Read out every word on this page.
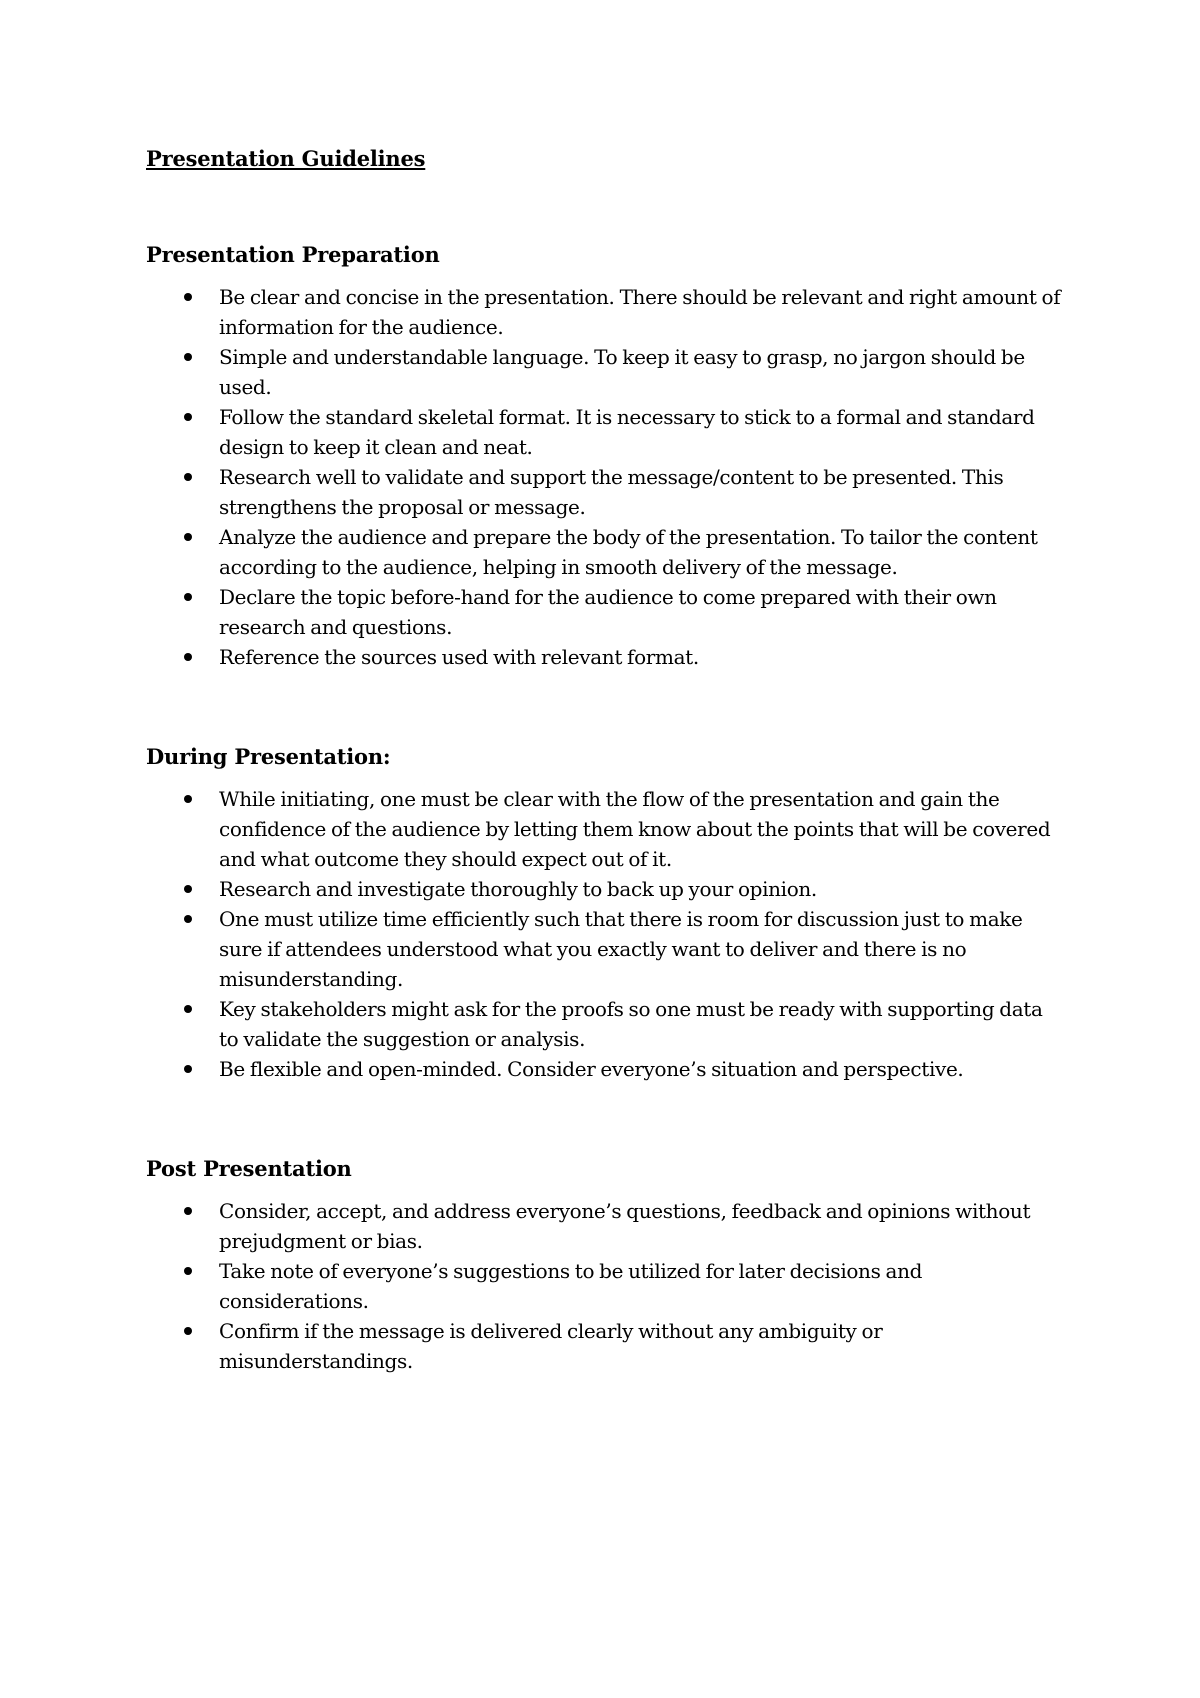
Presentation Guidelines
Presentation Preparation
Be clear and concise in the presentation. There should be relevant and right amount of information for the audience.
Simple and understandable language. To keep it easy to grasp, no jargon should be used.
Follow the standard skeletal format. It is necessary to stick to a formal and standard design to keep it clean and neat.
Research well to validate and support the message/content to be presented. This strengthens the proposal or message.
Analyze the audience and prepare the body of the presentation. To tailor the content according to the audience, helping in smooth delivery of the message.
Declare the topic before-hand for the audience to come prepared with their own research and questions.
Reference the sources used with relevant format.
During Presentation:
While initiating, one must be clear with the flow of the presentation and gain the confidence of the audience by letting them know about the points that will be covered and what outcome they should expect out of it.
Research and investigate thoroughly to back up your opinion.
One must utilize time efficiently such that there is room for discussion just to make sure if attendees understood what you exactly want to deliver and there is no misunderstanding.
Key stakeholders might ask for the proofs so one must be ready with supporting data to validate the suggestion or analysis.
Be flexible and open-minded. Consider everyone’s situation and perspective.
Post Presentation
Consider, accept, and address everyone’s questions, feedback and opinions without prejudgment or bias.
Take note of everyone’s suggestions to be utilized for later decisions and considerations.
Confirm if the message is delivered clearly without any ambiguity or misunderstandings.
